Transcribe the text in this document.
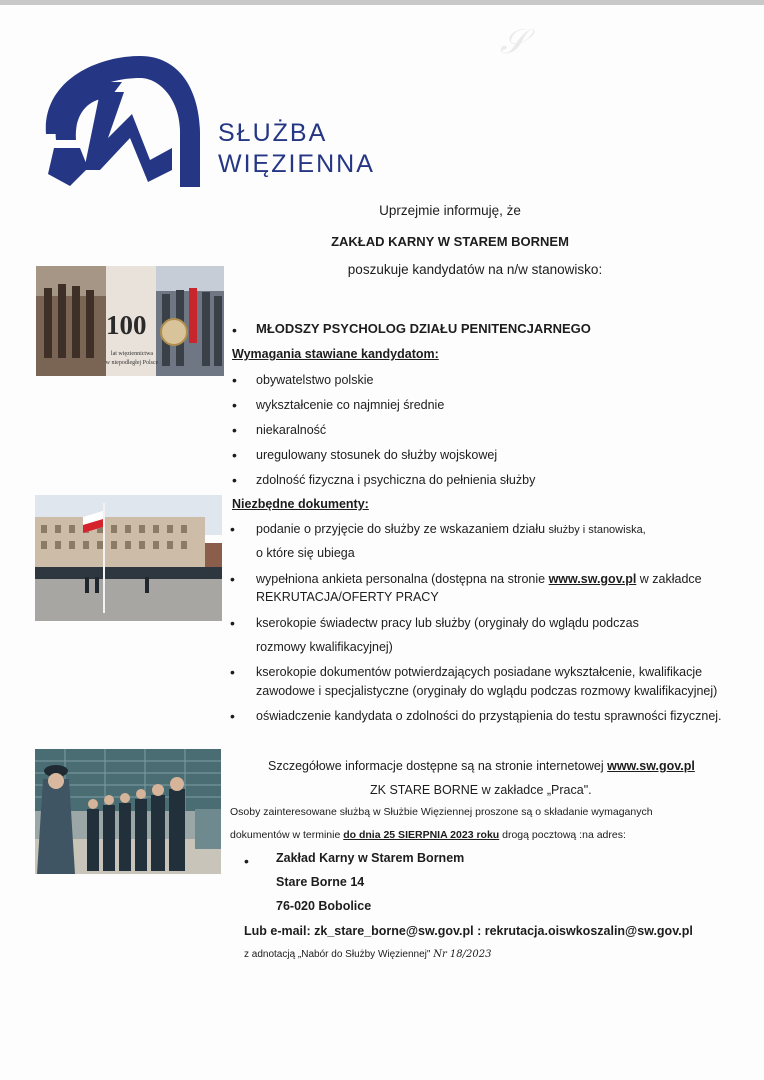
𝒮
SŁUŻBA
WIĘZIENNA
Uprzejmie informuję, że
ZAKŁAD KARNY W STAREM BORNEM
poszukuje kandydatów na n/w stanowisko:
100
lat więziennictwa
w niepodległej Polsce
• MŁODSZY PSYCHOLOG DZIAŁU PENITENCJARNEGO
Wymagania stawiane kandydatom:
• obywatelstwo polskie
• wykształcenie co najmniej średnie
• niekaralność
• uregulowany stosunek do służby wojskowej
• zdolność fizyczna i psychiczna do pełnienia służby
Niezbędne dokumenty:
• podanie o przyjęcie do służby ze wskazaniem działu służby i stanowiska,
o które się ubiega
• wypełniona ankieta personalna (dostępna na stronie www.sw.gov.pl w zakładce
REKRUTACJA/OFERTY PRACY
• kserokopie świadectw pracy lub służby (oryginały do wglądu podczas
rozmowy kwalifikacyjnej)
• kserokopie dokumentów potwierdzających posiadane wykształcenie, kwalifikacje
zawodowe i specjalistyczne (oryginały do wglądu podczas rozmowy kwalifikacyjnej)
• oświadczenie kandydata o zdolności do przystąpienia do testu sprawności fizycznej.
Szczegółowe informacje dostępne są na stronie internetowej www.sw.gov.pl
ZK STARE BORNE w zakładce „Praca".
Osoby zainteresowane służbą w Służbie Więziennej proszone są o składanie wymaganych
dokumentów w terminie do dnia 25 SIERPNIA 2023 roku drogą pocztową :na adres:
• Zakład Karny w Starem Bornem
Stare Borne 14
76-020 Bobolice
Lub e-mail: zk_stare_borne@sw.gov.pl : rekrutacja.oiswkoszalin@sw.gov.pl
z adnotacją „Nabór do Służby Więziennej" Nr 18/2023
